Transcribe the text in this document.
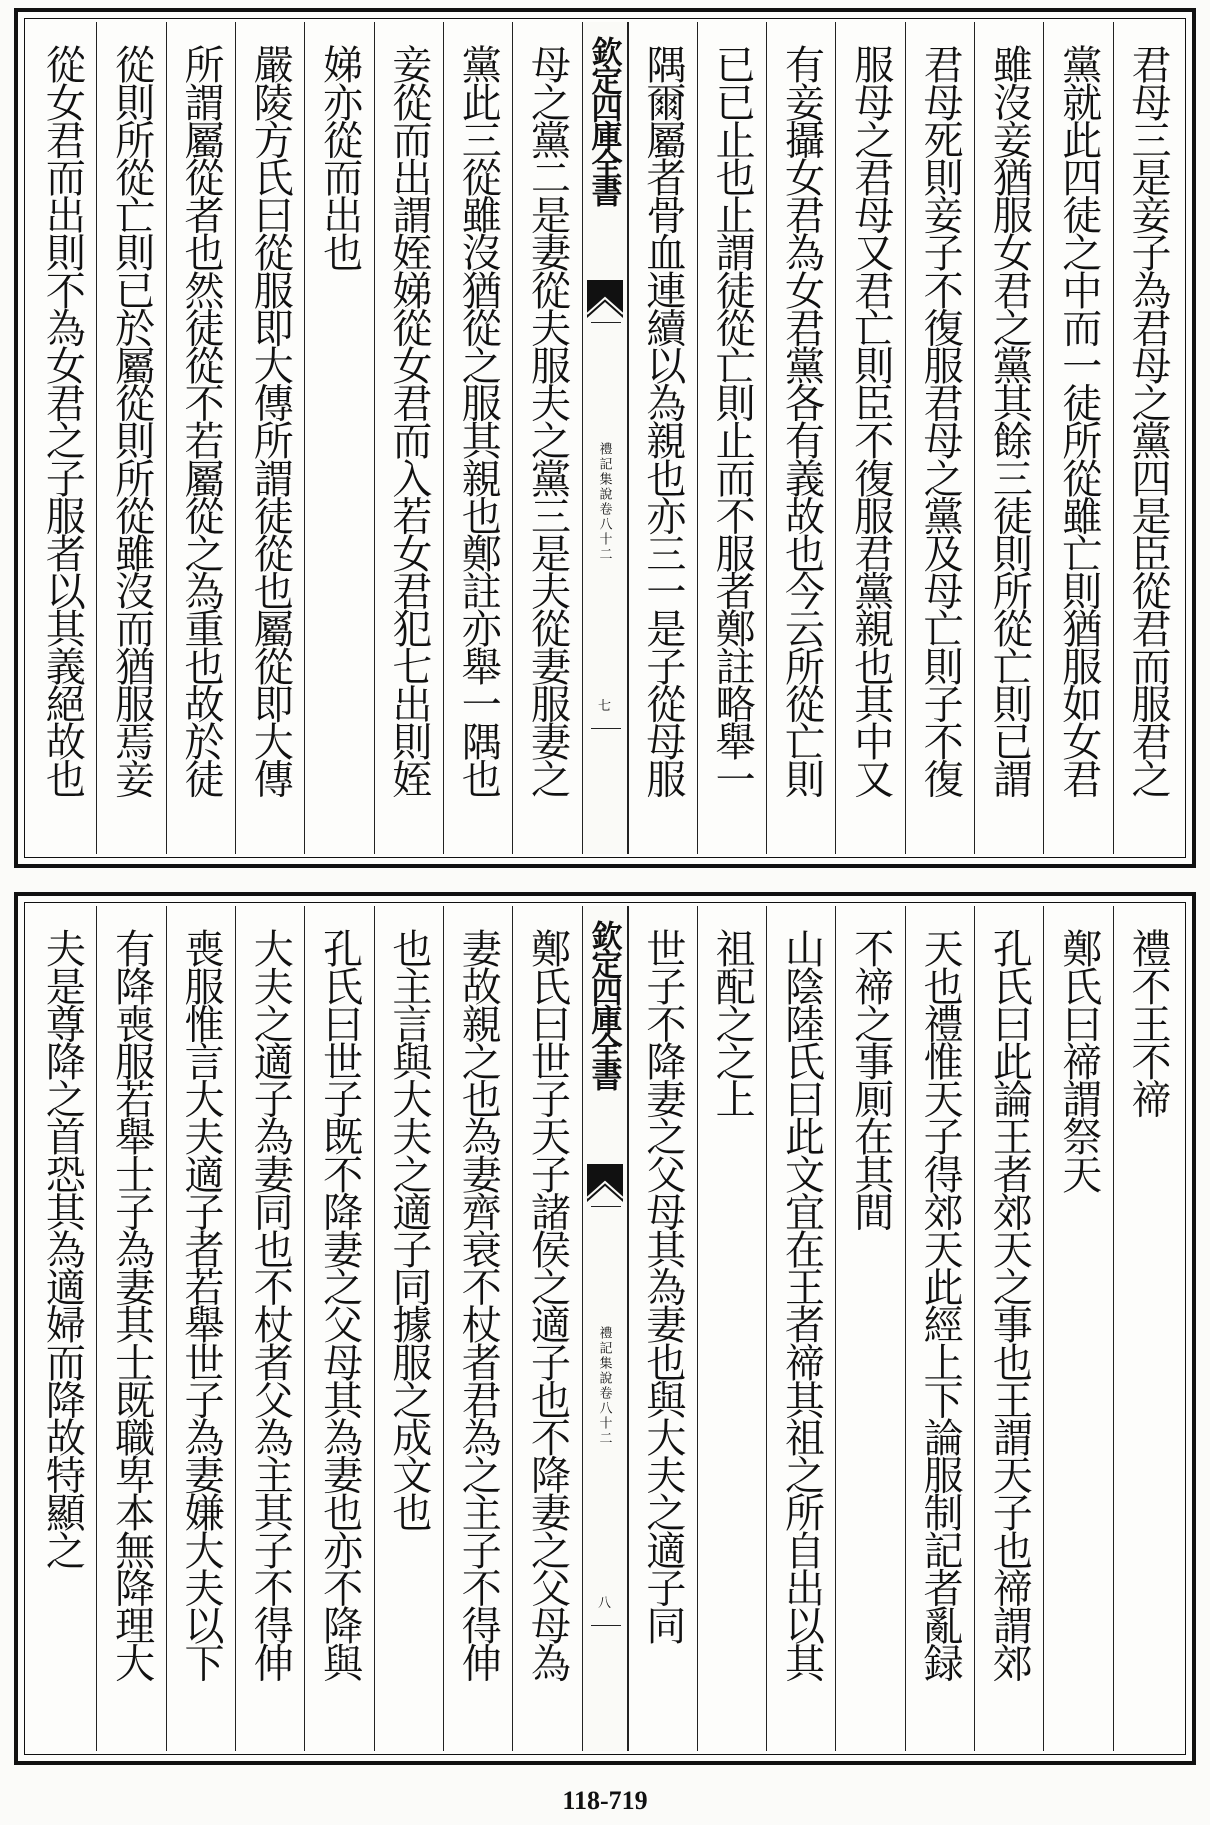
君母三是妾子為君母之黨四是臣從君而服君之
黨就此四徒之中而一徒所從雖亡則猶服如女君
雖沒妾猶服女君之黨其餘三徒則所從亡則已謂
君母死則妾子不復服君母之黨及母亡則子不復
服母之君母又君亡則臣不復服君黨親也其中又
有妾攝女君為女君黨各有義故也今云所從亡則
已已止也止謂徒從亡則止而不服者鄭註略舉一
隅爾屬者骨血連續以為親也亦三一是子從母服
欽定四庫全書
禮記集說卷八十二
七
母之黨二是妻從夫服夫之黨三是夫從妻服妻之
黨此三從雖沒猶從之服其親也鄭註亦舉一隅也
妾從而出謂姪娣從女君而入若女君犯七出則姪
娣亦從而出也
嚴陵方氏曰從服即大傳所謂徒從也屬從即大傳
所謂屬從者也然徒從不若屬從之為重也故於徒
從則所從亡則已於屬從則所從雖沒而猶服焉妾
從女君而出則不為女君之子服者以其義絕故也
禮不王不禘
鄭氏曰禘謂祭天
孔氏曰此論王者郊天之事也王謂天子也禘謂郊
天也禮惟天子得郊天此經上下論服制記者亂録
不禘之事厠在其間
山陰陸氏曰此文宜在王者禘其祖之所自出以其
祖配之之上
世子不降妻之父母其為妻也與大夫之適子同
欽定四庫全書
禮記集說卷八十二
八
鄭氏曰世子天子諸侯之適子也不降妻之父母為
妻故親之也為妻齊衰不杖者君為之主子不得伸
也主言與大夫之適子同據服之成文也
孔氏曰世子既不降妻之父母其為妻也亦不降與
大夫之適子為妻同也不杖者父為主其子不得伸
喪服惟言大夫適子者若舉世子為妻嫌大夫以下
有降喪服若舉士子為妻其士既職卑本無降理大
夫是尊降之首恐其為適婦而降故特顯之
118-719
